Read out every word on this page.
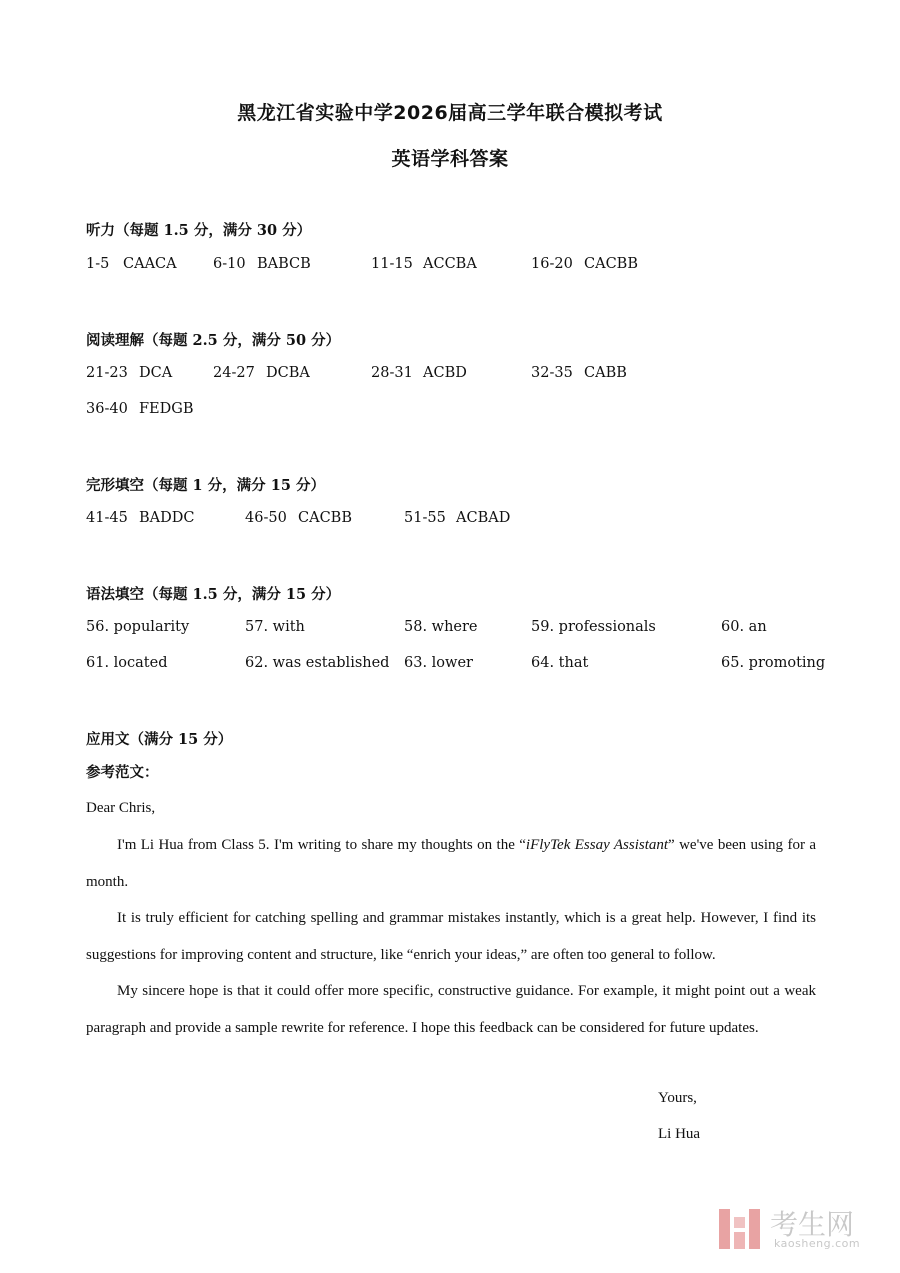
黑龙江省实验中学2026届高三学年联合模拟考试
英语学科答案
听力（每题 1.5 分，满分 30 分）
1-5 CAACA	6-10 BABCB	11-15 ACCBA	16-20 CACBB
阅读理解（每题 2.5 分，满分 50 分）
21-23 DCA	24-27 DCBA	28-31 ACBD	32-35 CABB
36-40 FEDGB
完形填空（每题 1 分，满分 15 分）
41-45 BADDC	46-50 CACBB	51-55 ACBAD
语法填空（每题 1.5 分，满分 15 分）
56. popularity	57. with	58. where	59. professionals	60. an
61. located	62. was established 63. lower	64. that	65. promoting
应用文（满分 15 分）
参考范文：
Dear Chris,
I'm Li Hua from Class 5. I'm writing to share my thoughts on the “iFlyTek Essay Assistant” we've been using for a month.
It is truly efficient for catching spelling and grammar mistakes instantly, which is a great help. However, I find its suggestions for improving content and structure, like “enrich your ideas,” are often too general to follow.
My sincere hope is that it could offer more specific, constructive guidance. For example, it might point out a weak paragraph and provide a sample rewrite for reference. I hope this feedback can be considered for future updates.
Yours,
Li Hua
考生网
kaosheng.com
